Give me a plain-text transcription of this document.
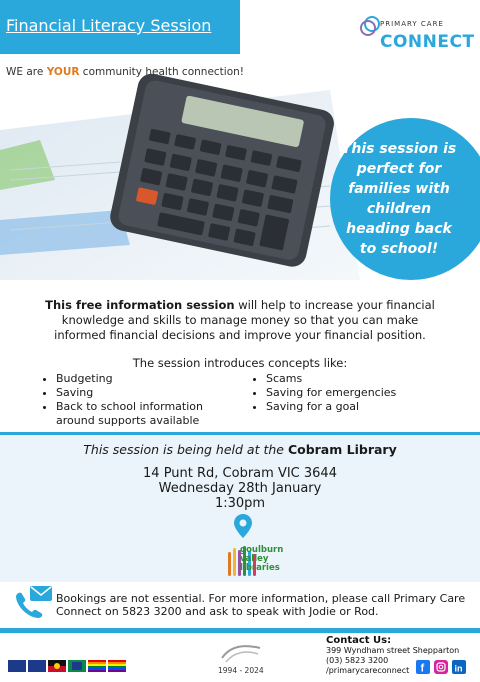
Financial Literacy Session	PRIMARY CARE
CONNECT
WE are YOUR community health connection!
This session is perfect for families with children heading back to school!
This free information session will help to increase your financial knowledge and skills to manage money so that you can make informed financial decisions and improve your financial position.
The session introduces concepts like:
• Budgeting
• Saving
• Back to school information around supports available
• Scams
• Saving for emergencies
• Saving for a goal
This session is being held at the Cobram Library
14 Punt Rd, Cobram VIC 3644
Wednesday 28th January
1:30pm
goulburn
valley
libraries
Bookings are not essential. For more information, please call Primary Care Connect on 5823 3200 and ask to speak with Jodie or Rod.
1994 - 2024
Contact Us:
399 Wyndham street Shepparton
(03) 5823 3200
/primarycareconnect	f	in
